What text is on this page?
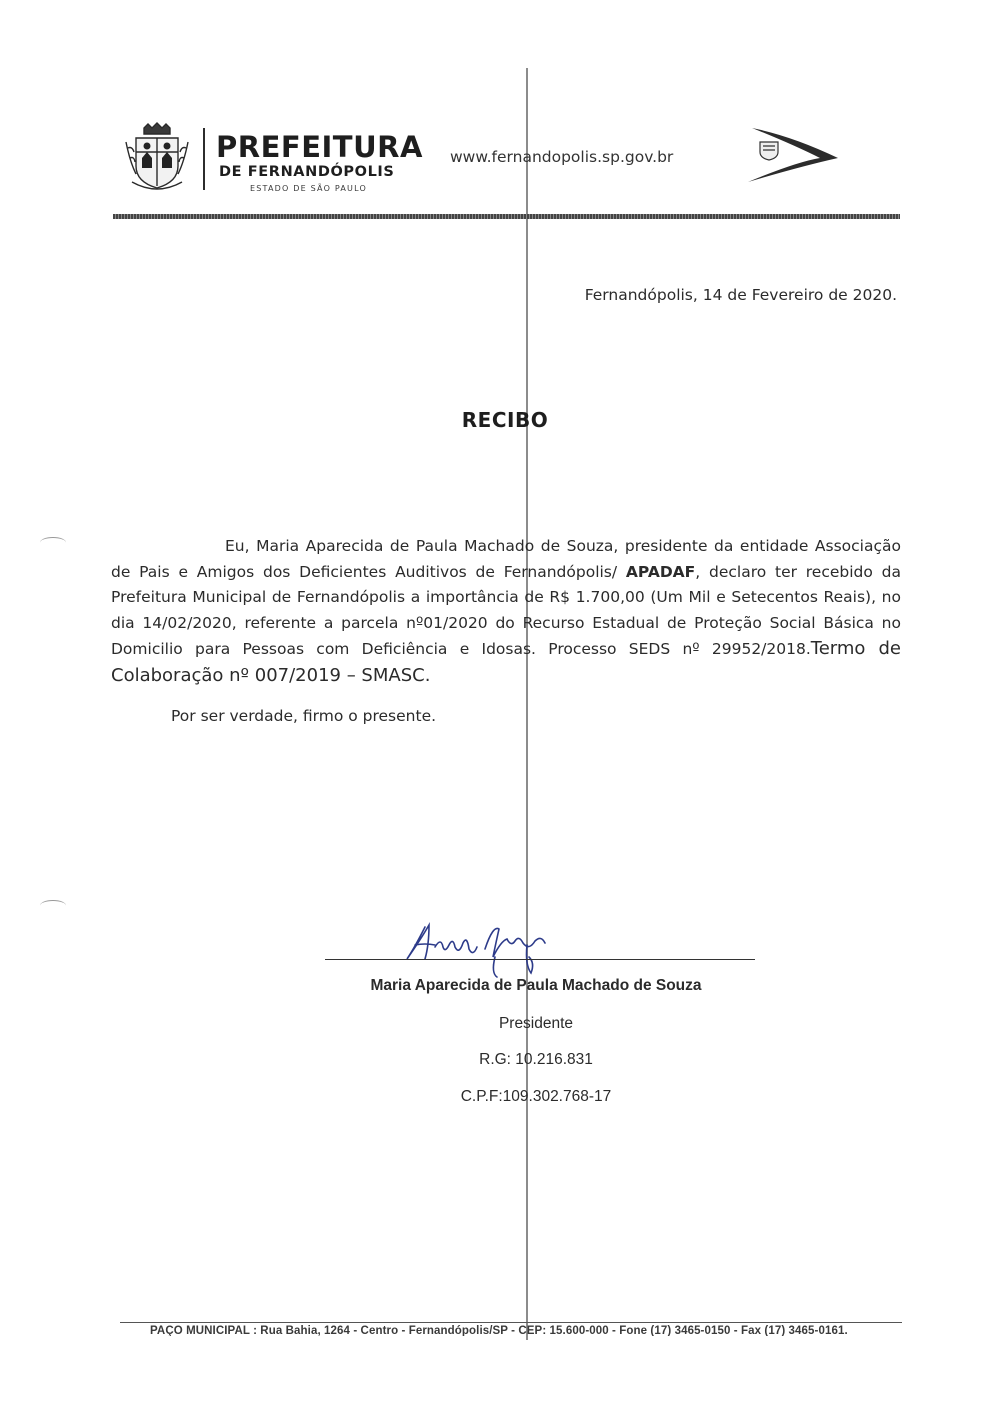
PREFEITURA
DE FERNANDÓPOLIS
ESTADO DE SÃO PAULO
www.fernandopolis.sp.gov.br
Fernandópolis, 14 de Fevereiro de 2020.
RECIBO

Eu, Maria Aparecida de Paula Machado de Souza, presidente da entidade Associação de Pais e Amigos dos Deficientes Auditivos de Fernandópolis/ APADAF, declaro ter recebido da Prefeitura Municipal de Fernandópolis a importância de R$ 1.700,00 (Um Mil e Setecentos Reais), no dia 14/02/2020, referente a parcela nº01/2020 do Recurso Estadual de Proteção Social Básica no Domicilio para Pessoas com Deficiência e Idosas. Processo SEDS nº 29952/2018.Termo de Colaboração nº 007/2019 – SMASC.

Por ser verdade, firmo o presente.
Maria Aparecida de Paula Machado de Souza
Presidente
R.G: 10.216.831
C.P.F:109.302.768-17
PAÇO MUNICIPAL : Rua Bahia, 1264 - Centro - Fernandópolis/SP - CEP: 15.600-000 - Fone (17) 3465-0150 - Fax (17) 3465-0161.
